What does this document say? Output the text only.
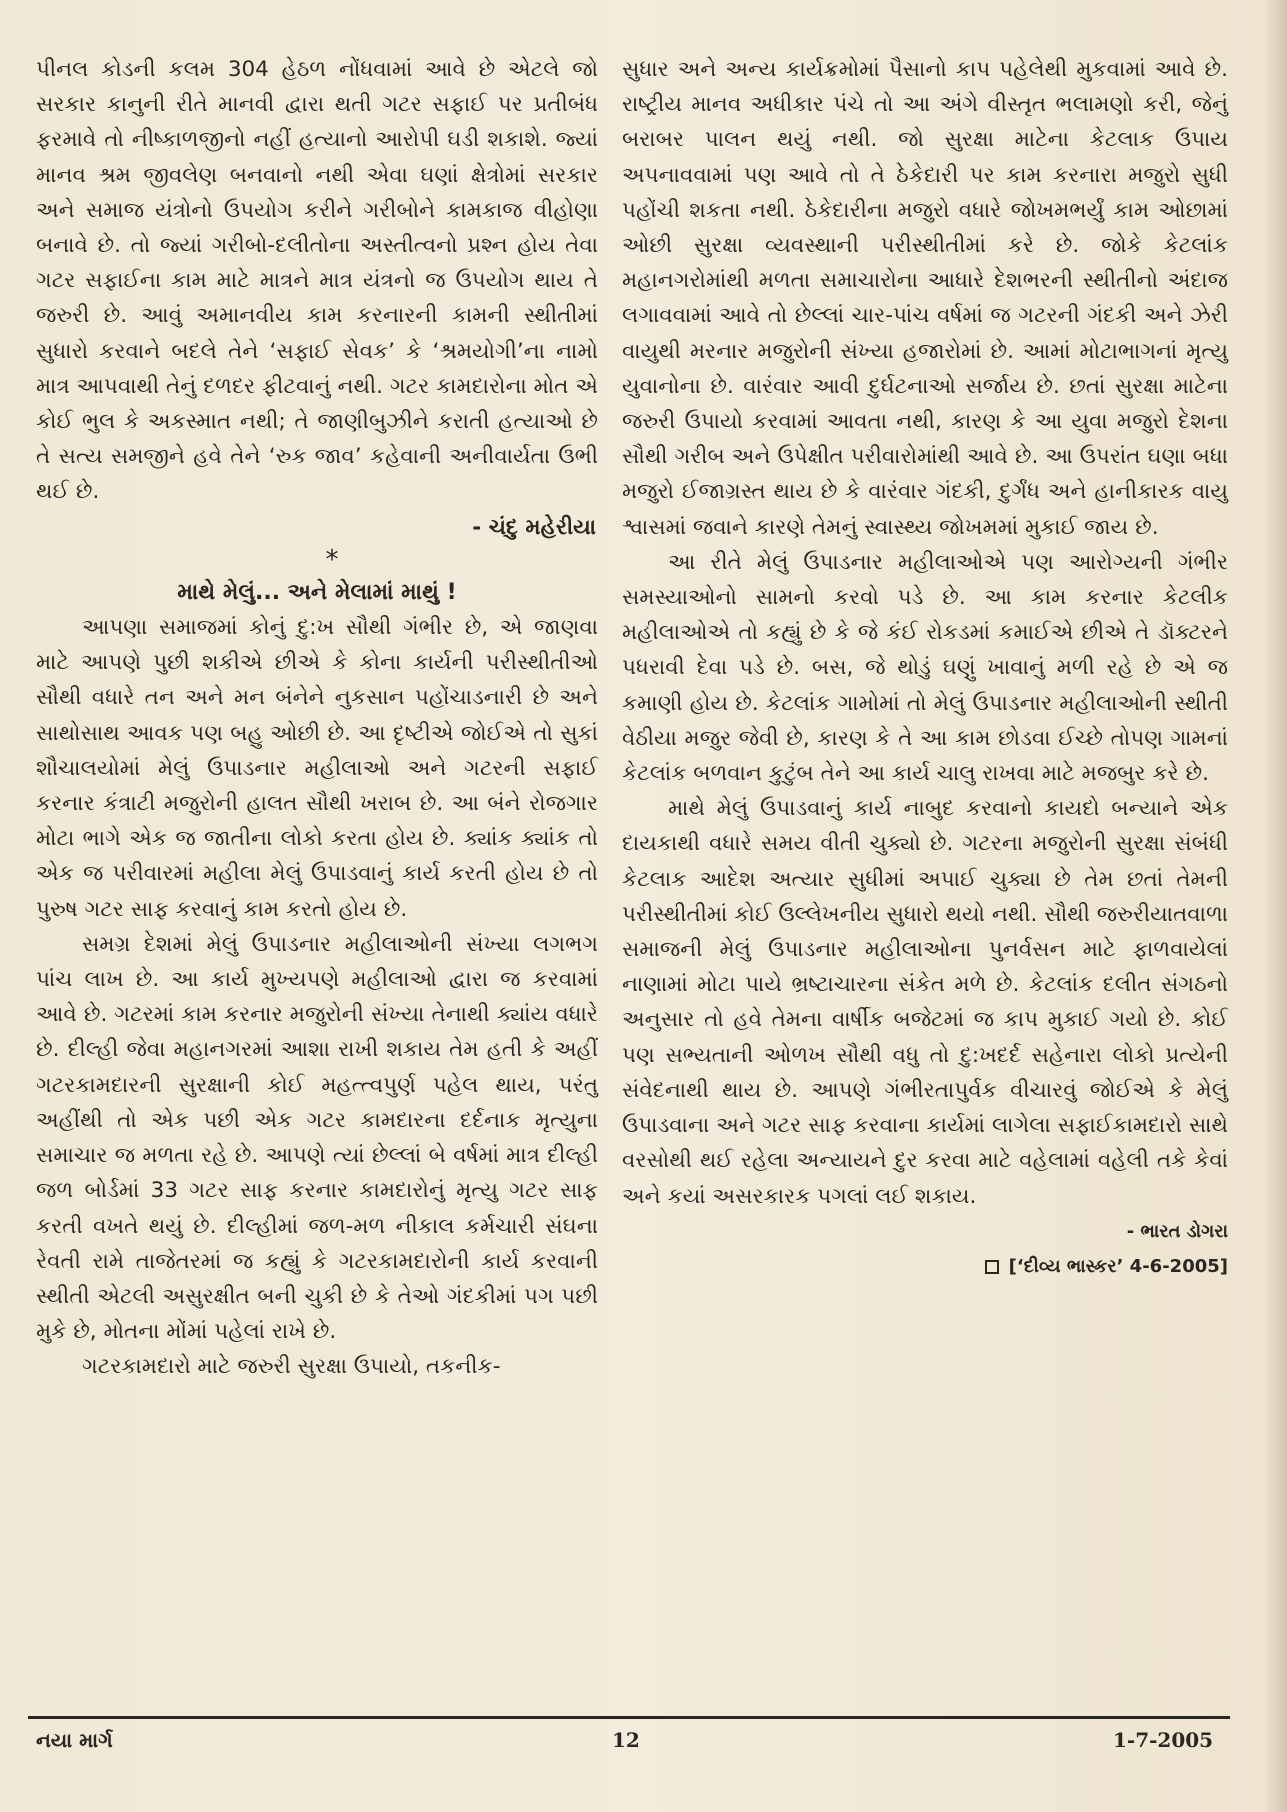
પીનલ કોડની કલમ 304 હેઠળ નોંધવામાં આવે છે એટલે જો સરકાર કાનુની રીતે માનવી દ્વારા થતી ગટર સફાઈ પર પ્રતીબંધ ફરમાવે તો નીષ્કાળજીનો નહીં હત્યાનો આરોપી ઘડી શકાશે. જ્યાં માનવ શ્રમ જીવલેણ બનવાનો નથી એવા ઘણાં ક્ષેત્રોમાં સરકાર અને સમાજ યંત્રોનો ઉપયોગ કરીને ગરીબોને કામકાજ વીહોણા બનાવે છે. તો જ્યાં ગરીબો-દલીતોના અસ્તીત્વનો પ્રશ્ન હોય તેવા ગટર સફાઈના કામ માટે માત્રને માત્ર યંત્રનો જ ઉપયોગ થાય તે જરુરી છે. આવું અમાનવીય કામ કરનારની કામની સ્થીતીમાં સુધારો કરવાને બદલે તેને ‘સફાઈ સેવક’ કે ‘શ્રમયોગી’ના નામો માત્ર આપવાથી તેનું દળદર ફીટવાનું નથી. ગટર કામદારોના મોત એ કોઈ ભુલ કે અકસ્માત નથી; તે જાણીબુઝીને કરાતી હત્યાઓ છે તે સત્ય સમજીને હવે તેને ‘રુક જાવ’ કહેવાની અનીવાર્યતા ઉભી થઈ છે.

- ચંદુ મહેરીયા

*

માથે મેલું... અને મેલામાં માથું !

આપણા સમાજમાં કોનું દુ:ખ સૌથી ગંભીર છે, એ જાણવા માટે આપણે પુછી શકીએ છીએ કે કોના કાર્યની પરીસ્થીતીઓ સૌથી વધારે તન અને મન બંનેને નુકસાન પહોંચાડનારી છે અને સાથોસાથ આવક પણ બહુ ઓછી છે. આ દૃષ્ટીએ જોઈએ તો સુકાં શૌચાલયોમાં મેલું ઉપાડનાર મહીલાઓ અને ગટરની સફાઈ કરનાર કંત્રાટી મજુરોની હાલત સૌથી ખરાબ છે. આ બંને રોજગાર મોટા ભાગે એક જ જાતીના લોકો કરતા હોય છે. ક્યાંક ક્યાંક તો એક જ પરીવારમાં મહીલા મેલું ઉપાડવાનું કાર્ય કરતી હોય છે તો પુરુષ ગટર સાફ કરવાનું કામ કરતો હોય છે.

સમગ્ર દેશમાં મેલું ઉપાડનાર મહીલાઓની સંખ્યા લગભગ પાંચ લાખ છે. આ કાર્ય મુખ્યપણે મહીલાઓ દ્વારા જ કરવામાં આવે છે. ગટરમાં કામ કરનાર મજુરોની સંખ્યા તેનાથી ક્યાંય વધારે છે. દીલ્હી જેવા મહાનગરમાં આશા રાખી શકાય તેમ હતી કે અહીં ગટરકામદારની સુરક્ષાની કોઈ મહત્ત્વપુર્ણ પહેલ થાય, પરંતુ અહીંથી તો એક પછી એક ગટર કામદારના દર્દનાક મૃત્યુના સમાચાર જ મળતા રહે છે. આપણે ત્યાં છેલ્લાં બે વર્ષમાં માત્ર દીલ્હી જળ બોર્ડમાં 33 ગટર સાફ કરનાર કામદારોનું મૃત્યુ ગટર સાફ કરતી વખતે થયું છે. દીલ્હીમાં જળ-મળ નીકાલ કર્મચારી સંઘના રેવતી રામે તાજેતરમાં જ કહ્યું કે ગટરકામદારોની કાર્ય કરવાની સ્થીતી એટલી અસુરક્ષીત બની ચુકી છે કે તેઓ ગંદકીમાં પગ પછી મુકે છે, મોતના મોંમાં પહેલાં રાખે છે.

ગટરકામદારો માટે જરુરી સુરક્ષા ઉપાયો, તકનીક-

સુધાર અને અન્ય કાર્યક્રમોમાં પૈસાનો કાપ પહેલેથી મુકવામાં આવે છે. રાષ્ટ્રીય માનવ અધીકાર પંચે તો આ અંગે વીસ્તૃત ભલામણો કરી, જેનું બરાબર પાલન થયું નથી. જો સુરક્ષા માટેના કેટલાક ઉપાય અપનાવવામાં પણ આવે તો તે ઠેકેદારી પર કામ કરનારા મજુરો સુધી પહોંચી શકતા નથી. ઠેકેદારીના મજુરો વધારે જોખમભર્યું કામ ઓછામાં ઓછી સુરક્ષા વ્યવસ્થાની પરીસ્થીતીમાં કરે છે. જોકે કેટલાંક મહાનગરોમાંથી મળતા સમાચારોના આધારે દેશભરની સ્થીતીનો અંદાજ લગાવવામાં આવે તો છેલ્લાં ચાર-પાંચ વર્ષમાં જ ગટરની ગંદકી અને ઝેરી વાયુથી મરનાર મજુરોની સંખ્યા હજારોમાં છે. આમાં મોટાભાગનાં મૃત્યુ યુવાનોના છે. વારંવાર આવી દુર્ઘટનાઓ સર્જાય છે. છતાં સુરક્ષા માટેના જરુરી ઉપાયો કરવામાં આવતા નથી, કારણ કે આ યુવા મજુરો દેશના સૌથી ગરીબ અને ઉપેક્ષીત પરીવારોમાંથી આવે છે. આ ઉપરાંત ઘણા બધા મજુરો ઈજાગ્રસ્ત થાય છે કે વારંવાર ગંદકી, દુર્ગંધ અને હાનીકારક વાયુ શ્વાસમાં જવાને કારણે તેમનું સ્વાસ્થ્ય જોખમમાં મુકાઈ જાય છે.

આ રીતે મેલું ઉપાડનાર મહીલાઓએ પણ આરોગ્યની ગંભીર સમસ્યાઓનો સામનો કરવો પડે છે. આ કામ કરનાર કેટલીક મહીલાઓએ તો કહ્યું છે કે જે કંઈ રોકડમાં કમાઈએ છીએ તે ડૉક્ટરને પધરાવી દેવા પડે છે. બસ, જે થોડું ઘણું ખાવાનું મળી રહે છે એ જ કમાણી હોય છે. કેટલાંક ગામોમાં તો મેલું ઉપાડનાર મહીલાઓની સ્થીતી વેઠીયા મજુર જેવી છે, કારણ કે તે આ કામ છોડવા ઈચ્છે તોપણ ગામનાં કેટલાંક બળવાન કુટુંબ તેને આ કાર્ય ચાલુ રાખવા માટે મજબુર કરે છે.

માથે મેલું ઉપાડવાનું કાર્ય નાબુદ કરવાનો કાયદો બન્યાને એક દાયકાથી વધારે સમય વીતી ચુક્યો છે. ગટરના મજુરોની સુરક્ષા સંબંધી કેટલાક આદેશ અત્યાર સુધીમાં અપાઈ ચુક્યા છે તેમ છતાં તેમની પરીસ્થીતીમાં કોઈ ઉલ્લેખનીય સુધારો થયો નથી. સૌથી જરુરીયાતવાળા સમાજની મેલું ઉપાડનાર મહીલાઓના પુનર્વસન માટે ફાળવાયેલાં નાણામાં મોટા પાયે ભ્રષ્ટાચારના સંકેત મળે છે. કેટલાંક દલીત સંગઠનો અનુસાર તો હવે તેમના વાર્ષીક બજેટમાં જ કાપ મુકાઈ ગયો છે. કોઈ પણ સભ્યતાની ઓળખ સૌથી વધુ તો દુ:ખદર્દ સહેનારા લોકો પ્રત્યેની સંવેદનાથી થાય છે. આપણે ગંભીરતાપુર્વક વીચારવું જોઈએ કે મેલું ઉપાડવાના અને ગટર સાફ કરવાના કાર્યમાં લાગેલા સફાઈકામદારો સાથે વરસોથી થઈ રહેલા અન્યાયને દુર કરવા માટે વહેલામાં વહેલી તકે કેવાં અને કયાં અસરકારક પગલાં લઈ શકાય.

- ભારત ડોગરા

[‘દીવ્ય ભાસ્કર’ 4-6-2005]

નયા માર્ગ	12	1-7-2005
